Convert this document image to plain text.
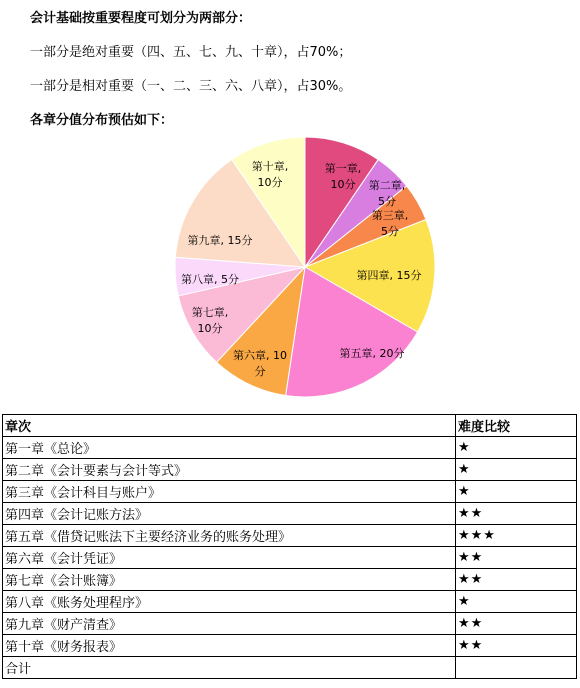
会计基础按重要程度可划分为两部分：
一部分是绝对重要（四、五、七、九、十章），占70%；
一部分是相对重要（一、二、三、六、八章），占30%。
各章分值分布预估如下：
第一章,
10分 第二章,
5分
第三章,
5分
第四章, 15分
第五章, 20分
第六章, 10
分
第七章,
10分
第八章, 5分
第九章, 15分
第十章,
10分
章次	难度比较
第一章《总论》	★
第二章《会计要素与会计等式》	★
第三章《会计科目与账户》	★
第四章《会计记账方法》	★★
第五章《借贷记账法下主要经济业务的账务处理》	★★★
第六章《会计凭证》	★★
第七章《会计账簿》	★★
第八章《账务处理程序》	★
第九章《财产清查》	★★
第十章《财务报表》	★★
合计	
